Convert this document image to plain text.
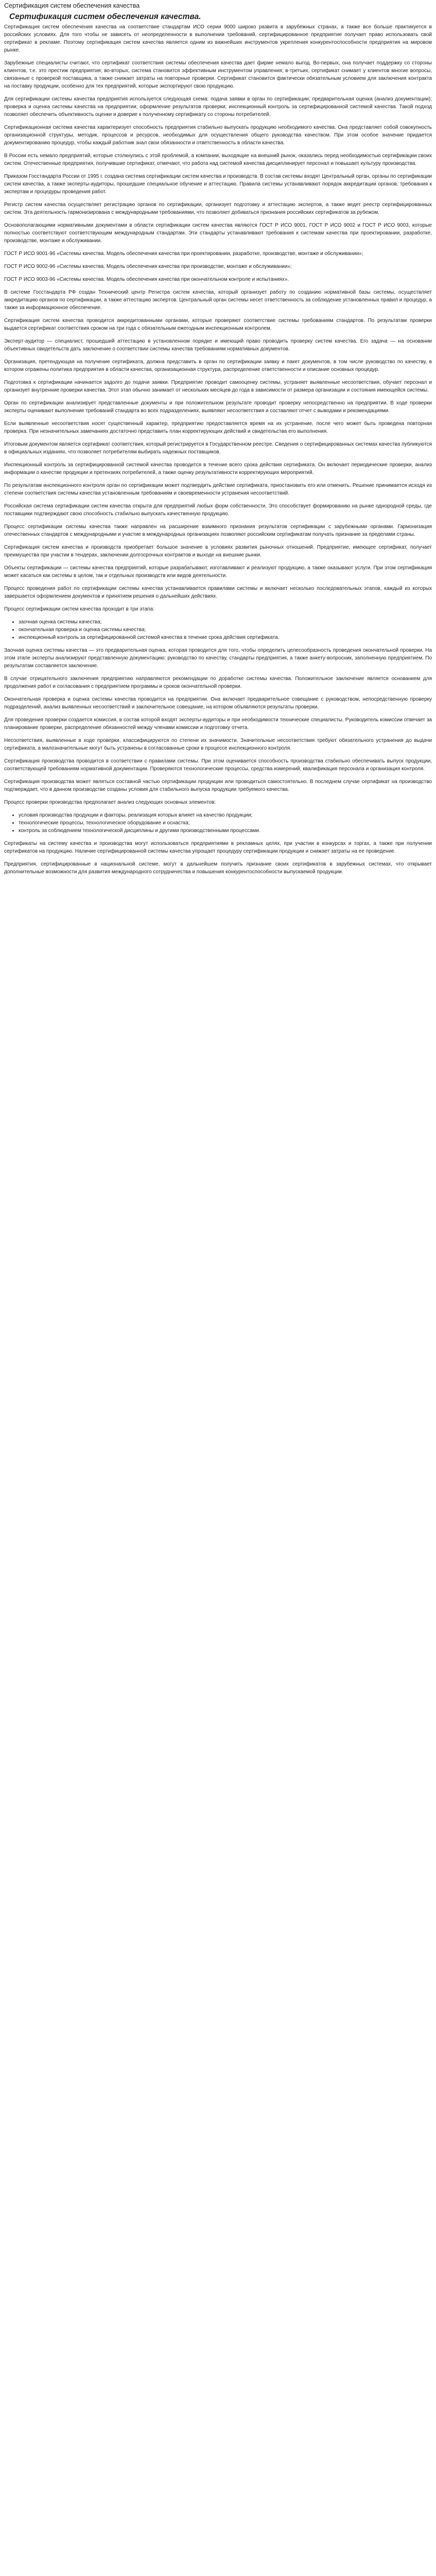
Сертификация систем обеспечения качества
Сертификация систем обеспечения качества.

Сертификация систем обеспечения качества на соответствие стандартам ИСО серии 9000 широко развита в зарубежных странах, а также все больше практикуется в российских условиях. Для того чтобы не зависеть от неопределенности в выполнении требований, сертифицированное предприятие получает право использовать свой сертификат в рекламе. Поэтому сертификация систем качества является одним из важнейших инструментов укрепления конкурентоспособности предприятия на мировом рынке.

Зарубежные специалисты считают, что сертификат соответствия системы обеспечения качества дает фирме немало выгод. Во-первых, она получает поддержку со стороны клиентов, т.е. это престиж предприятия; во-вторых, система становится эффективным инструментом управления; в-третьих, сертификат снимает у клиентов многие вопросы, связанные с проверкой поставщика, а также снижает затраты на повторные проверки. Сертификат становится фактически обязательным условием для заключения контракта на поставку продукции, особенно для тех предприятий, которые экспортируют свою продукцию.

Для сертификации системы качества предприятия используется следующая схема: подача заявки в орган по сертификации; предварительная оценка (анализ документации); проверка и оценка системы качества на предприятии; оформление результатов проверки; инспекционный контроль за сертифицированной системой качества. Такой подход позволяет обеспечить объективность оценки и доверие к полученному сертификату со стороны потребителей.

Сертификационная система качества характеризует способность предприятия стабильно выпускать продукцию необходимого качества. Она представляет собой совокупность организационной структуры, методик, процессов и ресурсов, необходимых для осуществления общего руководства качеством. При этом особое значение придается документированию процедур, чтобы каждый работник знал свои обязанности и ответственность в области качества.

В России есть немало предприятий, которые столкнулись с этой проблемой, а компании, выходящие на внешний рынок, оказались перед необходимостью сертификации своих систем. Отечественные предприятия, получившие сертификат, отмечают, что работа над системой качества дисциплинирует персонал и повышает культуру производства.

Приказом Госстандарта России от 1995 г. создана система сертификации систем качества и производств. В состав системы входят Центральный орган, органы по сертификации систем качества, а также эксперты-аудиторы, прошедшие специальное обучение и аттестацию. Правила системы устанавливают порядок аккредитации органов, требования к экспертам и процедуры проведения работ.

Регистр систем качества осуществляет регистрацию органов по сертификации, организует подготовку и аттестацию экспертов, а также ведет реестр сертифицированных систем. Эта деятельность гармонизирована с международными требованиями, что позволяет добиваться признания российских сертификатов за рубежом.

Основополагающими нормативными документами в области сертификации систем качества являются ГОСТ Р ИСО 9001, ГОСТ Р ИСО 9002 и ГОСТ Р ИСО 9003, которые полностью соответствуют соответствующим международным стандартам. Эти стандарты устанавливают требования к системам качества при проектировании, разработке, производстве, монтаже и обслуживании.

ГОСТ Р ИСО 9001-96 «Системы качества. Модель обеспечения качества при проектировании, разработке, производстве, монтаже и обслуживании»;

ГОСТ Р ИСО 9002-96 «Системы качества. Модель обеспечения качества при производстве, монтаже и обслуживании»;

ГОСТ Р ИСО 9003-96 «Системы качества. Модель обеспечения качества при окончательном контроле и испытаниях».

В системе Госстандарта РФ создан Технический центр Регистра систем качества, который организует работу по созданию нормативной базы системы, осуществляет аккредитацию органов по сертификации, а также аттестацию экспертов. Центральный орган системы несет ответственность за соблюдение установленных правил и процедур, а также за информационное обеспечение.

Сертификация систем качества проводится аккредитованными органами, которые проверяют соответствие системы требованиям стандартов. По результатам проверки выдается сертификат соответствия сроком на три года с обязательным ежегодным инспекционным контролем.

Эксперт-аудитор — специалист, прошедший аттестацию в установленном порядке и имеющий право проводить проверку систем качества. Его задача — на основании объективных свидетельств дать заключение о соответствии системы качества требованиям нормативных документов.

Организация, претендующая на получение сертификата, должна представить в орган по сертификации заявку и пакет документов, в том числе руководство по качеству, в котором отражены политика предприятия в области качества, организационная структура, распределение ответственности и описание основных процедур.

Подготовка к сертификации начинается задолго до подачи заявки. Предприятие проводит самооценку системы, устраняет выявленные несоответствия, обучает персонал и организует внутренние проверки качества. Этот этап обычно занимает от нескольких месяцев до года в зависимости от размера организации и состояния имеющейся системы.

Орган по сертификации анализирует представленные документы и при положительном результате проводит проверку непосредственно на предприятии. В ходе проверки эксперты оценивают выполнение требований стандарта во всех подразделениях, выявляют несоответствия и составляют отчет с выводами и рекомендациями.

Если выявленные несоответствия носят существенный характер, предприятию предоставляется время на их устранение, после чего может быть проведена повторная проверка. При незначительных замечаниях достаточно представить план корректирующих действий и свидетельства его выполнения.

Итоговым документом является сертификат соответствия, который регистрируется в Государственном реестре. Сведения о сертифицированных системах качества публикуются в официальных изданиях, что позволяет потребителям выбирать надежных поставщиков.

Инспекционный контроль за сертифицированной системой качества проводится в течение всего срока действия сертификата. Он включает периодические проверки, анализ информации о качестве продукции и претензиях потребителей, а также оценку результативности корректирующих мероприятий.

По результатам инспекционного контроля орган по сертификации может подтвердить действие сертификата, приостановить его или отменить. Решение принимается исходя из степени соответствия системы качества установленным требованиям и своевременности устранения несоответствий.

Российская система сертификации систем качества открыта для предприятий любых форм собственности. Это способствует формированию на рынке однородной среды, где поставщики подтверждают свою способность стабильно выпускать качественную продукцию.

Процесс сертификации системы качества также направлен на расширение взаимного признания результатов сертификации с зарубежными органами. Гармонизация отечественных стандартов с международными и участие в международных организациях позволяют российским сертификатам получать признание за пределами страны.

Сертификация систем качества и производств приобретает большое значение в условиях развития рыночных отношений. Предприятие, имеющее сертификат, получает преимущества при участии в тендерах, заключении долгосрочных контрактов и выходе на внешние рынки.

Объекты сертификации — системы качества предприятий, которые разрабатывают, изготавливают и реализуют продукцию, а также оказывают услуги. При этом сертификация может касаться как системы в целом, так и отдельных производств или видов деятельности.

Процесс проведения работ по сертификации системы качества устанавливается правилами системы и включает несколько последовательных этапов, каждый из которых завершается оформлением документов и принятием решения о дальнейших действиях.

Процесс сертификации систем качества проходит в три этапа:

• заочная оценка системы качества;
• окончательная проверка и оценка системы качества;
• инспекционный контроль за сертифицированной системой качества в течение срока действия сертификата.

Заочная оценка системы качества — это предварительная оценка, которая проводится для того, чтобы определить целесообразность проведения окончательной проверки. На этом этапе эксперты анализируют представленную документацию: руководство по качеству, стандарты предприятия, а также анкету-вопросник, заполненную предприятием. По результатам составляется заключение.

В случае отрицательного заключения предприятию направляются рекомендации по доработке системы качества. Положительное заключение является основанием для продолжения работ и согласования с предприятием программы и сроков окончательной проверки.

Окончательная проверка и оценка системы качества проводится на предприятии. Она включает предварительное совещание с руководством, непосредственную проверку подразделений, анализ выявленных несоответствий и заключительное совещание, на котором объявляются результаты проверки.

Для проведения проверки создается комиссия, в состав которой входят эксперты-аудиторы и при необходимости технические специалисты. Руководитель комиссии отвечает за планирование проверки, распределение обязанностей между членами комиссии и подготовку отчета.

Несоответствия, выявленные в ходе проверки, классифицируются по степени их значимости. Значительные несоответствия требуют обязательного устранения до выдачи сертификата, а малозначительные могут быть устранены в согласованные сроки в процессе инспекционного контроля.

Сертификация производства проводится в соответствии с правилами системы. При этом оценивается способность производства стабильно обеспечивать выпуск продукции, соответствующей требованиям нормативной документации. Проверяются технологические процессы, средства измерений, квалификация персонала и организация контроля.

Сертификация производства может являться составной частью сертификации продукции или проводиться самостоятельно. В последнем случае сертификат на производство подтверждает, что в данном производстве созданы условия для стабильного выпуска продукции требуемого качества.

Процесс проверки производства предполагает анализ следующих основных элементов:

• условия производства продукции и факторы, реализация которых влияет на качество продукции;
• технологические процессы, технологическое оборудование и оснастка;
• контроль за соблюдением технологической дисциплины и другими производственными процессами.

Сертификаты на систему качества и производства могут использоваться предприятиями в рекламных целях, при участии в конкурсах и торгах, а также при получении сертификатов на продукцию. Наличие сертифицированной системы качества упрощает процедуру сертификации продукции и снижает затраты на ее проведение.

Предприятия, сертифицированные в национальной системе, могут в дальнейшем получить признание своих сертификатов в зарубежных системах, что открывает дополнительные возможности для развития международного сотрудничества и повышения конкурентоспособности выпускаемой продукции.
